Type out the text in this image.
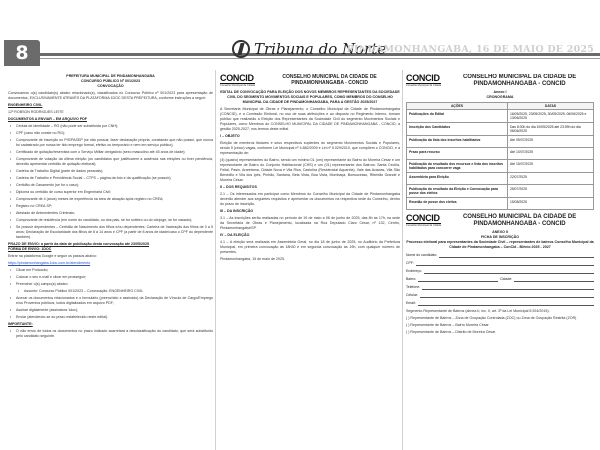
8	Tribuna do Norte
PINDAMONHANGABA, 16 DE MAIO DE 2025
PREFEITURA MUNICIPAL DE PINDAMONHANGABA
CONCURSO PÚBLICO Nº 001/2023
CONVOCAÇÃO
Convocamos o(s) candidato(s) abaixo relacionado(s), classificados no Concurso Público nº 001/2023 para apresentação de documentos, EXCLUSIVAMENTE ATRAVÉS DA PLATAFORMA 1DOC DESTA PREFEITURA, conforme instruções a seguir:
ENGENHEIRO CIVIL
12º ROBSON RODRIGUES LEITE
DOCUMENTOS A ENVIAR – EM ARQUIVO PDF
• Cédula de identidade – RG (não pode ser substituída por CNH);
• CPF (caso não conste no RG);
• Comprovante de inscrição no PIS/PASEP (se não possuir, fazer declaração própria, constando que não possui, que nunca foi cadastrado por nunca ter tido emprego formal, efetivo ou temporário e nem em serviço público);
• Certificado de quitação/reservista com o Serviço Militar obrigatório (sexo masculino até 45 anos de idade);
• Comprovante de votação da última eleição (os candidatos que justificarem a ausência nas eleições ou tiver pendência, deverão apresentar certidão de quitação eleitoral);
• Carteira de Trabalho Digital (parte de dados pessoais);
• Carteira de Trabalho e Previdência Social – CTPS – página da foto e da qualificação (se possuir);
• Certidão de Casamento (se for o caso);
• Diploma ou certidão de curso superior em Engenharia Civil;
• Comprovante de 4 (anos) meses de experiência na área de atuação após registro no CREA;
• Registro no CREA-SP;
• Atestado de Antecedentes Criminais;
• Comprovante de residência (em nome do candidato, ou dos pais, se for solteiro ou do cônjuge, se for casado);
• Se possuir dependentes – Certidão de Nascimento dos filhos e/ou dependentes; Carteira de Vacinação dos filhos de 0 a 5 anos; Declaração de Escolaridade dos filhos de 6 a 14 anos e CPF (a partir de 8 anos de idade/caso o CPF do dependente também).
PRAZO DE ENVIO: a partir da data de publicação desta convocação até 23/05/2025
FORMA DE ENVIO: 1DOC
Entrar na plataforma Google e seguir os passos abaixo:
https://pindamonhangaba.1doc.com.br/atendimento
• Clicar em Protocolo;
• Colocar o seu e-mail e clicar em prosseguir;
• Preencher o(s) campo(s) abaixo:
• Assunto: Concurso Público 001/2023 – Convocação: ENGENHEIRO CIVIL
• Anexar os documentos relacionados e o formulário (preenchido e assinado) da Declaração de Vínculo de Cargo/Emprego e/ou Proventos públicos, todos digitalizados em arquivo PDF;
• Assinar digitalmente (assinatura 1doc);
• Enviar (atendendo-se ao prazo estabelecido neste edital).
IMPORTANTE:
• O não envio de todos os documentos no prazo indicado acarretará a desclassificação do candidato, que será substituído pelo candidato seguinte.
CONCID
Conselho Municipal da Cidade
CONSELHO MUNICIPAL DA CIDADE DE PINDAMONHANGABA - CONCID
EDITAL DE CONVOCAÇÃO PARA ELEIÇÃO DOS NOVOS MEMBROS REPRESENTANTES DA SOCIEDADE CIVIL DO SEGMENTO MOVIMENTOS SOCIAIS E POPULARES, COMO MEMBROS DO CONSELHO MUNICIPAL DA CIDADE DE PINDAMONHANGABA, PARA A GESTÃO 2025/2027
A Secretaria Municipal de Obras e Planejamento, o Conselho Municipal da Cidade de Pindamonhangaba (CONCID), e a Comissão Eleitoral, no uso de suas atribuições e ao disposto no Regimento Interno, tornam público que realizarão a Eleição dos Representantes da Sociedade Civil do segmento Movimentos Sociais e Populares, como Membros do CONSELHO MUNICIPAL DA CIDADE DE PINDAMONHANGABA - CONCID, a gestão 2025-2027, nos termos deste edital.
I – OBJETO
Eleição de membros titulares e seus respectivos suplentes do segmento Movimentos Sociais e Populares, sendo 5 (cinco) vagas, conforme Lei Municipal nº 4.882/2009 e Lei nº 5.029/2010, que compõem o CONCID, e a representação de:
(4) (quatro) representantes do Bairro, sendo um mínimo 01 (um) representante do Bairro do Moreira César e um representante de Bairro do Conjunto Habitacional (CHS) e um (01) representante dos Bairros: Santa Cecília, Feital, Pasin, Araretama, Cidade Nova e Vila Rica, Castolira (Residencial Aquarela), Vale das Acácias, Vila São Benedito e Vila dos Ipês, Pinhão, Santana, Bela Vista, Boa Vista, Mombaça, Bonsucesso, Ribeirão Grande e Moreira César.
II – DOS REQUISITOS
2.1 – Os interessados em participar como Membros do Conselho Municipal da Cidade de Pindamonhangaba deverão atender aos seguintes requisitos e apresentar os documentos na respectiva sede do Conselho, dentro do prazo de inscrição.
III – DA INSCRIÇÃO
3.1 – As inscrições serão realizadas no período de 19 de maio a 06 de junho de 2025, das 8h às 17h, na sede da Secretaria de Obras e Planejamento, localizada na Rua Deputado Claro César, nº 132, Centro, Pindamonhangaba/SP.
IV – DA ELEIÇÃO
4.1 – A eleição será realizada em Assembleia Geral, no dia 18 de junho de 2025, no Auditório da Prefeitura Municipal, em primeira convocação às 18h30 e em segunda convocação às 19h, com qualquer número de presentes.
Pindamonhangaba, 15 de maio de 2025.
CONCID
Conselho Municipal da Cidade
CONSELHO MUNICIPAL DA CIDADE DE PINDAMONHANGABA - CONCID
Anexo I
CRONOGRAMA
AÇÕES	DATAS
Publicações do Edital	16/05/2025, 23/05/2025, 30/05/2025, 06/06/2025 e 13/06/2025
Inscrição dos Candidatos	Das 8:00h do dia 19/05/2025 até 23:59h do dia 06/06/2025
Publicação da lista dos inscritos habilitados	Até 09/07/2025
Prazo para recurso	Até 10/07/2025
Publicação do resultado dos recursos e lista dos inscritos habilitados para concorrer vaga	Até 15/07/2025
Assembleia para Eleição	22/07/2025
Publicação do resultado da Eleição e Convocação para posse dos eleitos	25/07/2025
Reunião de posse dos eleitos	15/08/2025
CONCID
Conselho Municipal da Cidade
CONSELHO MUNICIPAL DA CIDADE DE PINDAMONHANGABA - CONCID
ANEXO II
FICHA DE INSCRIÇÃO
Processo eleitoral para representantes da Sociedade Civil – representantes de bairros Conselho Municipal da Cidade de Pindamonhangaba – ConCid - Biênio 2025 - 2027
Nome do candidato:
CPF:
Endereço:
Bairro:	Cidade:
Telefone:
Celular:
Email:
Segmento Representante de Bairros (alínea b, inc. II, art. 3º da Lei Municipal 5.924/2015):
( ) Representante de Bairros – Zona de Ocupação Controlada (ZOC) ou Zona de Ocupação Restrita (ZOR)
( ) Representante de Bairros – Bairro Moreira César
( ) Representante de Bairros – Distrito de Moreira César
